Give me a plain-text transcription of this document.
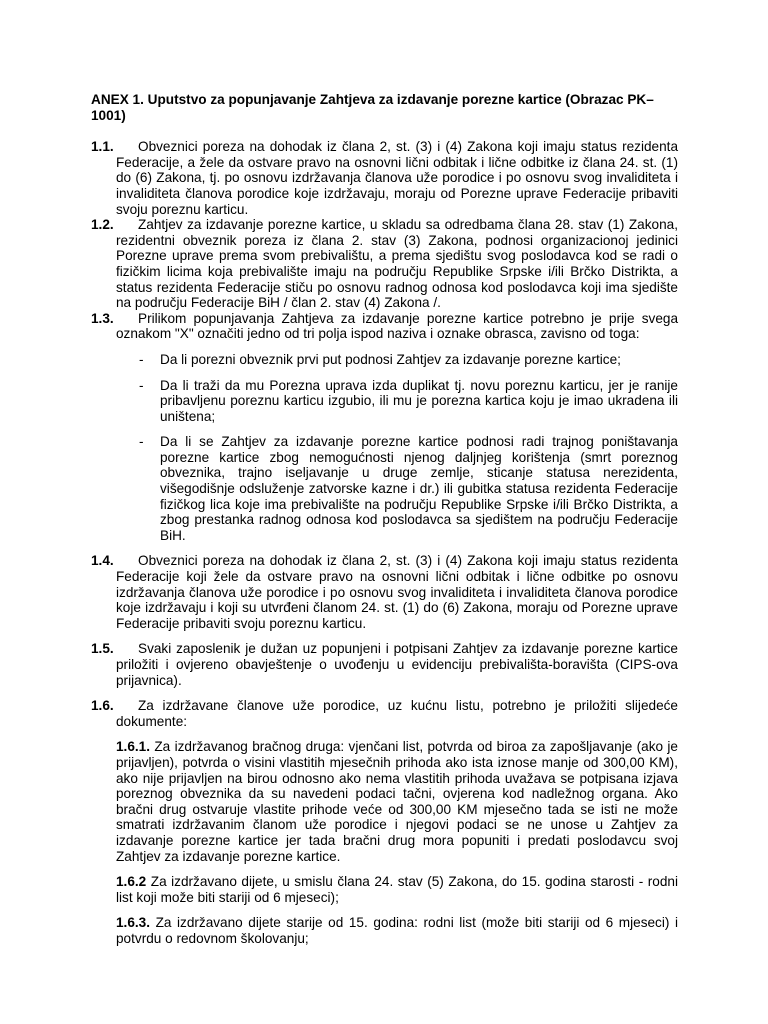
ANEX 1. Uputstvo za popunjavanje Zahtjeva za izdavanje porezne kartice (Obrazac PK–1001)
1.1. Obveznici poreza na dohodak iz člana 2, st. (3) i (4) Zakona koji imaju status rezidenta Federacije, a žele da ostvare pravo na osnovni lični odbitak i lične odbitke iz člana 24. st. (1) do (6) Zakona, tj. po osnovu izdržavanja članova uže porodice i po osnovu svog invaliditeta i invaliditeta članova porodice koje izdržavaju, moraju od Porezne uprave Federacije pribaviti svoju poreznu karticu.
1.2. Zahtjev za izdavanje porezne kartice, u skladu sa odredbama člana 28. stav (1) Zakona, rezidentni obveznik poreza iz člana 2. stav (3) Zakona, podnosi organizacionoj jedinici Porezne uprave prema svom prebivalištu, a prema sjedištu svog poslodavca kod se radi o fizičkim licima koja prebivalište imaju na području Republike Srpske i/ili Brčko Distrikta, a status rezidenta Federacije stiču po osnovu radnog odnosa kod poslodavca koji ima sjedište na području Federacije BiH / član 2. stav (4) Zakona /.
1.3. Prilikom popunjavanja Zahtjeva za izdavanje porezne kartice potrebno je prije svega oznakom "X" označiti jedno od tri polja ispod naziva i oznake obrasca, zavisno od toga:
- Da li porezni obveznik prvi put podnosi Zahtjev za izdavanje porezne kartice;
- Da li traži da mu Porezna uprava izda duplikat tj. novu poreznu karticu, jer je ranije pribavljenu poreznu karticu izgubio, ili mu je porezna kartica koju je imao ukradena ili uništena;
- Da li se Zahtjev za izdavanje porezne kartice podnosi radi trajnog poništavanja porezne kartice zbog nemogućnosti njenog daljnjeg korištenja (smrt poreznog obveznika, trajno iseljavanje u druge zemlje, sticanje statusa nerezidenta, višegodišnje odsluženje zatvorske kazne i dr.) ili gubitka statusa rezidenta Federacije fizičkog lica koje ima prebivalište na području Republike Srpske i/ili Brčko Distrikta, a zbog prestanka radnog odnosa kod poslodavca sa sjedištem na području Federacije BiH.
1.4. Obveznici poreza na dohodak iz člana 2, st. (3) i (4) Zakona koji imaju status rezidenta Federacije koji žele da ostvare pravo na osnovni lični odbitak i lične odbitke po osnovu izdržavanja članova uže porodice i po osnovu svog invaliditeta i invaliditeta članova porodice koje izdržavaju i koji su utvrđeni članom 24. st. (1) do (6) Zakona, moraju od Porezne uprave Federacije pribaviti svoju poreznu karticu.
1.5. Svaki zaposlenik je dužan uz popunjeni i potpisani Zahtjev za izdavanje porezne kartice priložiti i ovjereno obavještenje o uvođenju u evidenciju prebivališta-boravišta (CIPS-ova prijavnica).
1.6. Za izdržavane članove uže porodice, uz kućnu listu, potrebno je priložiti slijedeće dokumente:
1.6.1. Za izdržavanog bračnog druga: vjenčani list, potvrda od biroa za zapošljavanje (ako je prijavljen), potvrda o visini vlastitih mjesečnih prihoda ako ista iznose manje od 300,00 KM), ako nije prijavljen na birou odnosno ako nema vlastitih prihoda uvažava se potpisana izjava poreznog obveznika da su navedeni podaci tačni, ovjerena kod nadležnog organa. Ako bračni drug ostvaruje vlastite prihode veće od 300,00 KM mjesečno tada se isti ne može smatrati izdržavanim članom uže porodice i njegovi podaci se ne unose u Zahtjev za izdavanje porezne kartice jer tada bračni drug mora popuniti i predati poslodavcu svoj Zahtjev za izdavanje porezne kartice.
1.6.2 Za izdržavano dijete, u smislu člana 24. stav (5) Zakona, do 15. godina starosti - rodni list koji može biti stariji od 6 mjeseci);
1.6.3. Za izdržavano dijete starije od 15. godina: rodni list (može biti stariji od 6 mjeseci) i potvrdu o redovnom školovanju;
